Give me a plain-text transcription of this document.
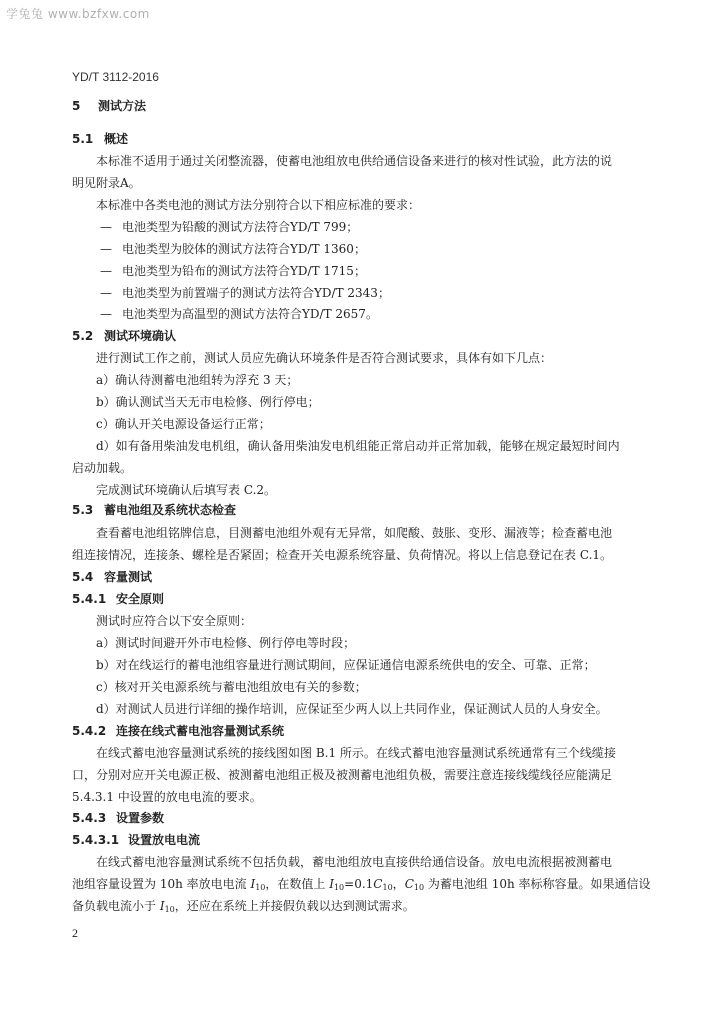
学兔兔 www.bzfxw.com
YD/T 3112-2016
5 测试方法
5.1 概述
本标准不适用于通过关闭整流器，使蓄电池组放电供给通信设备来进行的核对性试验，此方法的说
明见附录A。
本标准中各类电池的测试方法分别符合以下相应标准的要求：
— 电池类型为铅酸的测试方法符合YD/T 799；
— 电池类型为胶体的测试方法符合YD/T 1360；
— 电池类型为铅布的测试方法符合YD/T 1715；
— 电池类型为前置端子的测试方法符合YD/T 2343；
— 电池类型为高温型的测试方法符合YD/T 2657。
5.2 测试环境确认
进行测试工作之前，测试人员应先确认环境条件是否符合测试要求，具体有如下几点：
a）确认待测蓄电池组转为浮充 3 天；
b）确认测试当天无市电检修、例行停电；
c）确认开关电源设备运行正常；
d）如有备用柴油发电机组，确认备用柴油发电机组能正常启动并正常加载，能够在规定最短时间内
启动加载。
完成测试环境确认后填写表 C.2。
5.3 蓄电池组及系统状态检查
查看蓄电池组铭牌信息，目测蓄电池组外观有无异常，如爬酸、鼓胀、变形、漏液等；检查蓄电池
组连接情况，连接条、螺栓是否紧固；检查开关电源系统容量、负荷情况。将以上信息登记在表 C.1。
5.4 容量测试
5.4.1 安全原则
测试时应符合以下安全原则：
a）测试时间避开外市电检修、例行停电等时段；
b）对在线运行的蓄电池组容量进行测试期间，应保证通信电源系统供电的安全、可靠、正常；
c）核对开关电源系统与蓄电池组放电有关的参数；
d）对测试人员进行详细的操作培训，应保证至少两人以上共同作业，保证测试人员的人身安全。
5.4.2 连接在线式蓄电池容量测试系统
在线式蓄电池容量测试系统的接线图如图 B.1 所示。在线式蓄电池容量测试系统通常有三个线缆接
口，分别对应开关电源正极、被测蓄电池组正极及被测蓄电池组负极，需要注意连接线缆线径应能满足
5.4.3.1 中设置的放电电流的要求。
5.4.3 设置参数
5.4.3.1 设置放电电流
在线式蓄电池容量测试系统不包括负载，蓄电池组放电直接供给通信设备。放电电流根据被测蓄电
池组容量设置为 10h 率放电电流 $I_{10}$，在数值上 $I_{10}=0.1C_{10}$，$C_{10}$ 为蓄电池组 10h 率标称容量。如果通信设
备负载电流小于 $I_{10}$，还应在系统上并接假负载以达到测试需求。
2
